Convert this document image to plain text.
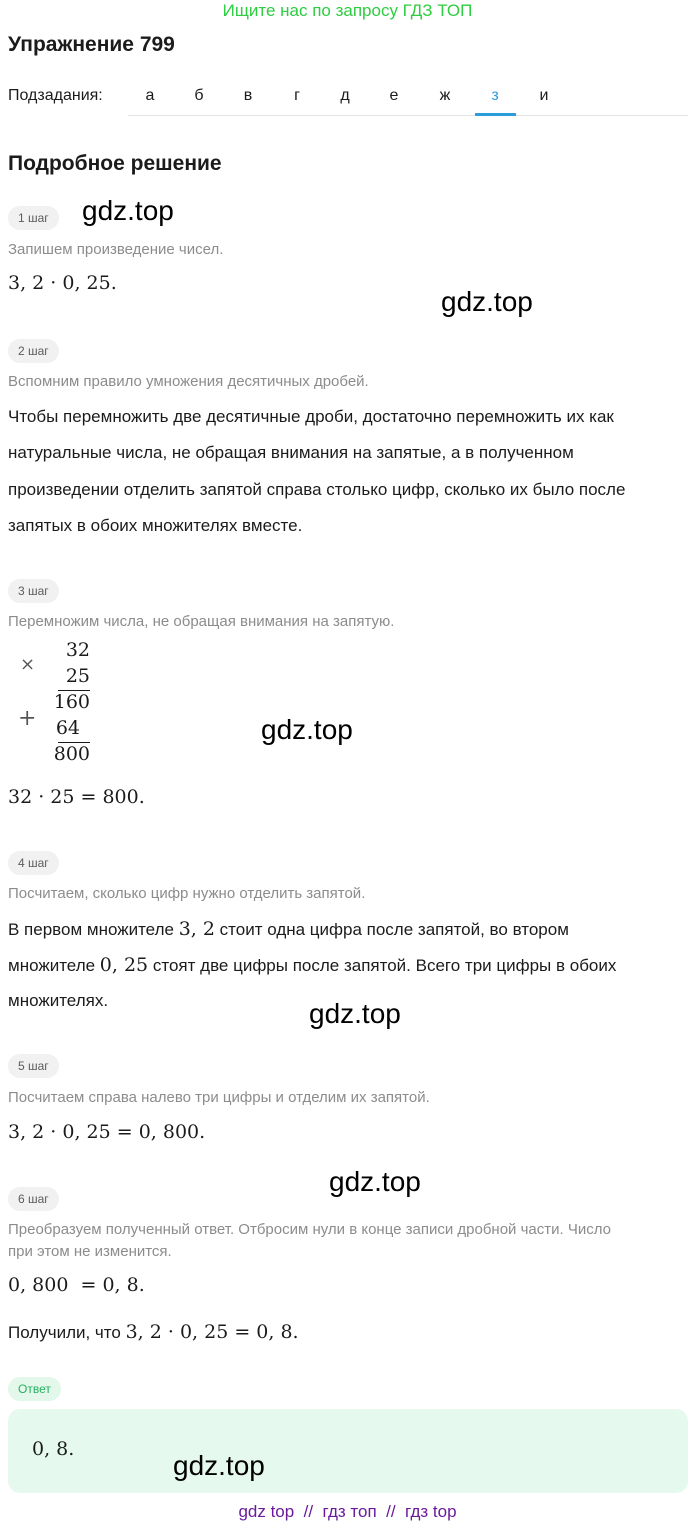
Ищите нас по запросу ГДЗ ТОП
Упражнение 799
Подзадания:	а	б	в	г	д	е	ж	з	и
Подробное решение
1 шаг	gdz.top
Запишем произведение чисел.
3, 2 · 0, 25.
gdz.top
2 шаг
Вспомним правило умножения десятичных дробей.
Чтобы перемножить две десятичные дроби, достаточно перемножить их как
натуральные числа, не обращая внимания на запятые, а в полученном
произведении отделить запятой справа столько цифр, сколько их было после
запятых в обоих множителях вместе.
3 шаг
Перемножим числа, не обращая внимания на запятую.
×
+
32
25
160
64
800
gdz.top
32 · 25 = 800.
4 шаг
Посчитаем, сколько цифр нужно отделить запятой.
В первом множителе 3, 2 стоит одна цифра после запятой, во втором
множителе 0, 25 стоят две цифры после запятой. Всего три цифры в обоих
множителях.	gdz.top
5 шаг
Посчитаем справа налево три цифры и отделим их запятой.
3, 2 · 0, 25 = 0, 800.
gdz.top
6 шаг
Преобразуем полученный ответ. Отбросим нули в конце записи дробной части. Число
при этом не изменится.
0, 800  = 0, 8.
Получили, что 3, 2 · 0, 25 = 0, 8.
Ответ
0, 8.
gdz.top
gdz top  //  гдз топ  //  гдз top
